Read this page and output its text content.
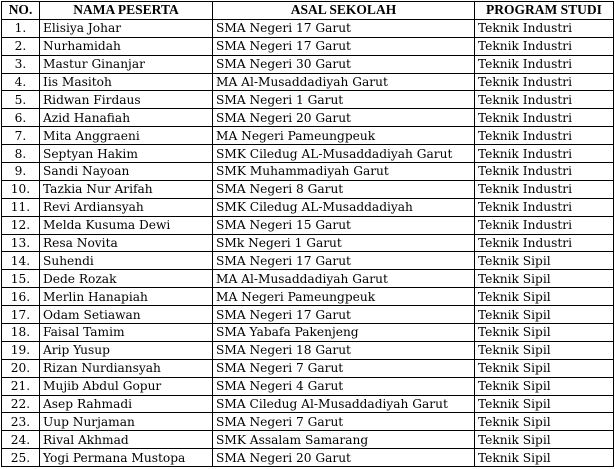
NO.	NAMA PESERTA	ASAL SEKOLAH	PROGRAM STUDI
1.	Elisiya Johar	SMA Negeri 17 Garut	Teknik Industri
2.	Nurhamidah	SMA Negeri 17 Garut	Teknik Industri
3.	Mastur Ginanjar	SMA Negeri 30 Garut	Teknik Industri
4.	Iis Masitoh	MA Al-Musaddadiyah Garut	Teknik Industri
5.	Ridwan Firdaus	SMA Negeri 1 Garut	Teknik Industri
6.	Azid Hanafiah	SMA Negeri 20 Garut	Teknik Industri
7.	Mita Anggraeni	MA Negeri Pameungpeuk	Teknik Industri
8.	Septyan Hakim	SMK Ciledug AL-Musaddadiyah Garut	Teknik Industri
9.	Sandi Nayoan	SMK Muhammadiyah Garut	Teknik Industri
10.	Tazkia Nur Arifah	SMA Negeri 8 Garut	Teknik Industri
11.	Revi Ardiansyah	SMK Ciledug AL-Musaddadiyah	Teknik Industri
12.	Melda Kusuma Dewi	SMA Negeri 15 Garut	Teknik Industri
13.	Resa Novita	SMk Negeri 1 Garut	Teknik Industri
14.	Suhendi	SMA Negeri 17 Garut	Teknik Sipil
15.	Dede Rozak	MA Al-Musaddadiyah Garut	Teknik Sipil
16.	Merlin Hanapiah	MA Negeri Pameungpeuk	Teknik Sipil
17.	Odam Setiawan	SMA Negeri 17 Garut	Teknik Sipil
18.	Faisal Tamim	SMA Yabafa Pakenjeng	Teknik Sipil
19.	Arip Yusup	SMA Negeri 18 Garut	Teknik Sipil
20.	Rizan Nurdiansyah	SMA Negeri 7 Garut	Teknik Sipil
21.	Mujib Abdul Gopur	SMA Negeri 4 Garut	Teknik Sipil
22.	Asep Rahmadi	SMA Ciledug Al-Musaddadiyah Garut	Teknik Sipil
23.	Uup Nurjaman	SMA Negeri 7 Garut	Teknik Sipil
24.	Rival Akhmad	SMK Assalam Samarang	Teknik Sipil
25.	Yogi Permana Mustopa	SMA Negeri 20 Garut	Teknik Sipil
